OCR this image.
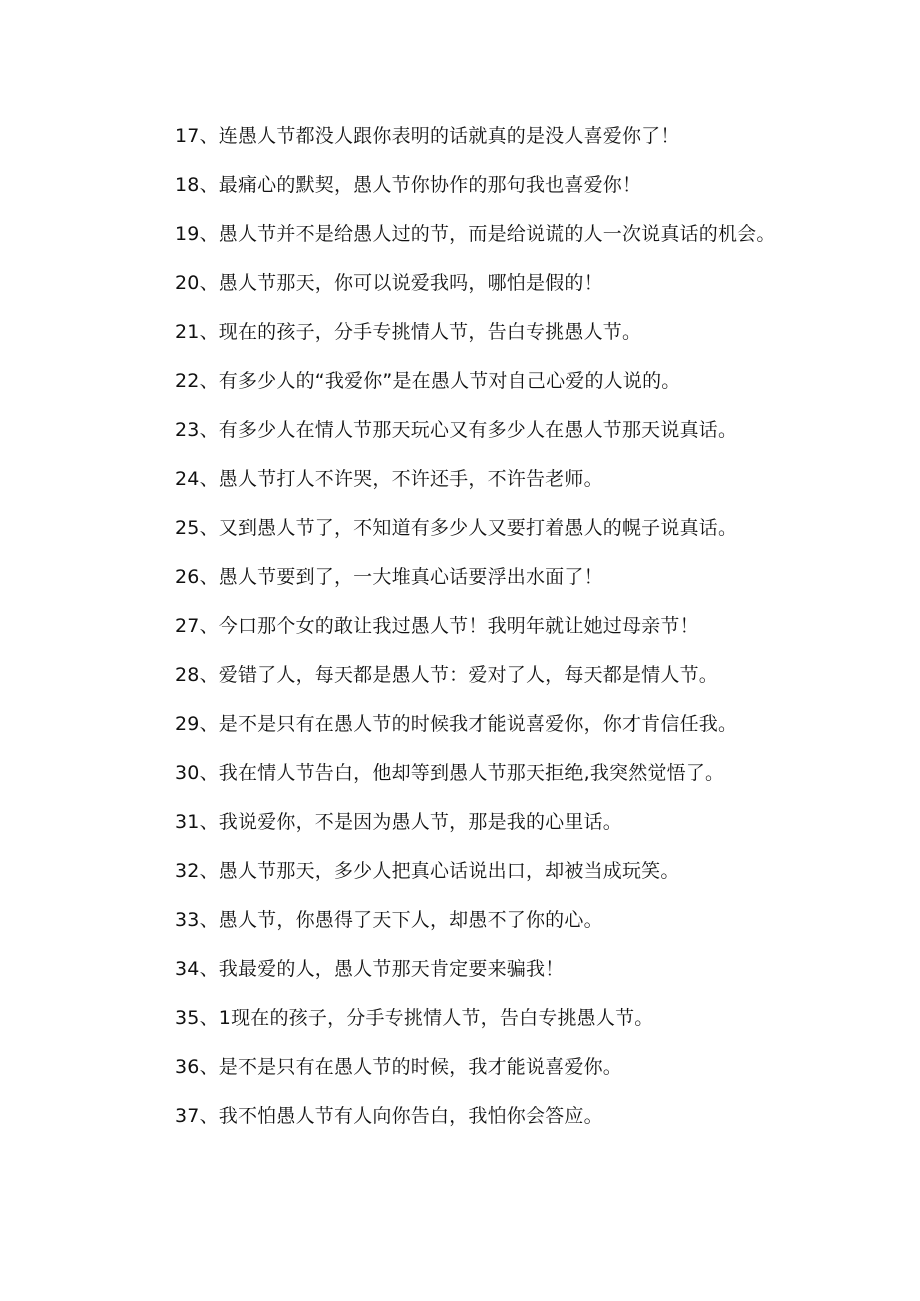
17、连愚人节都没人跟你表明的话就真的是没人喜爱你了！

18、最痛心的默契，愚人节你协作的那句我也喜爱你！

19、愚人节并不是给愚人过的节，而是给说谎的人一次说真话的机会。

20、愚人节那天，你可以说爱我吗，哪怕是假的！

21、现在的孩子，分手专挑情人节，告白专挑愚人节。

22、有多少人的“我爱你”是在愚人节对自己心爱的人说的。

23、有多少人在情人节那天玩心又有多少人在愚人节那天说真话。

24、愚人节打人不许哭，不许还手，不许告老师。

25、又到愚人节了，不知道有多少人又要打着愚人的幌子说真话。

26、愚人节要到了，一大堆真心话要浮出水面了！

27、今口那个女的敢让我过愚人节！我明年就让她过母亲节！

28、爱错了人，每天都是愚人节：爱对了人，每天都是情人节。

29、是不是只有在愚人节的时候我才能说喜爱你，你才肯信任我。

30、我在情人节告白，他却等到愚人节那天拒绝,我突然觉悟了。

31、我说爱你，不是因为愚人节，那是我的心里话。

32、愚人节那天，多少人把真心话说出口，却被当成玩笑。

33、愚人节，你愚得了天下人，却愚不了你的心。

34、我最爱的人，愚人节那天肯定要来骗我！

35、1现在的孩子，分手专挑情人节，告白专挑愚人节。

36、是不是只有在愚人节的时候，我才能说喜爱你。

37、我不怕愚人节有人向你告白，我怕你会答应。
